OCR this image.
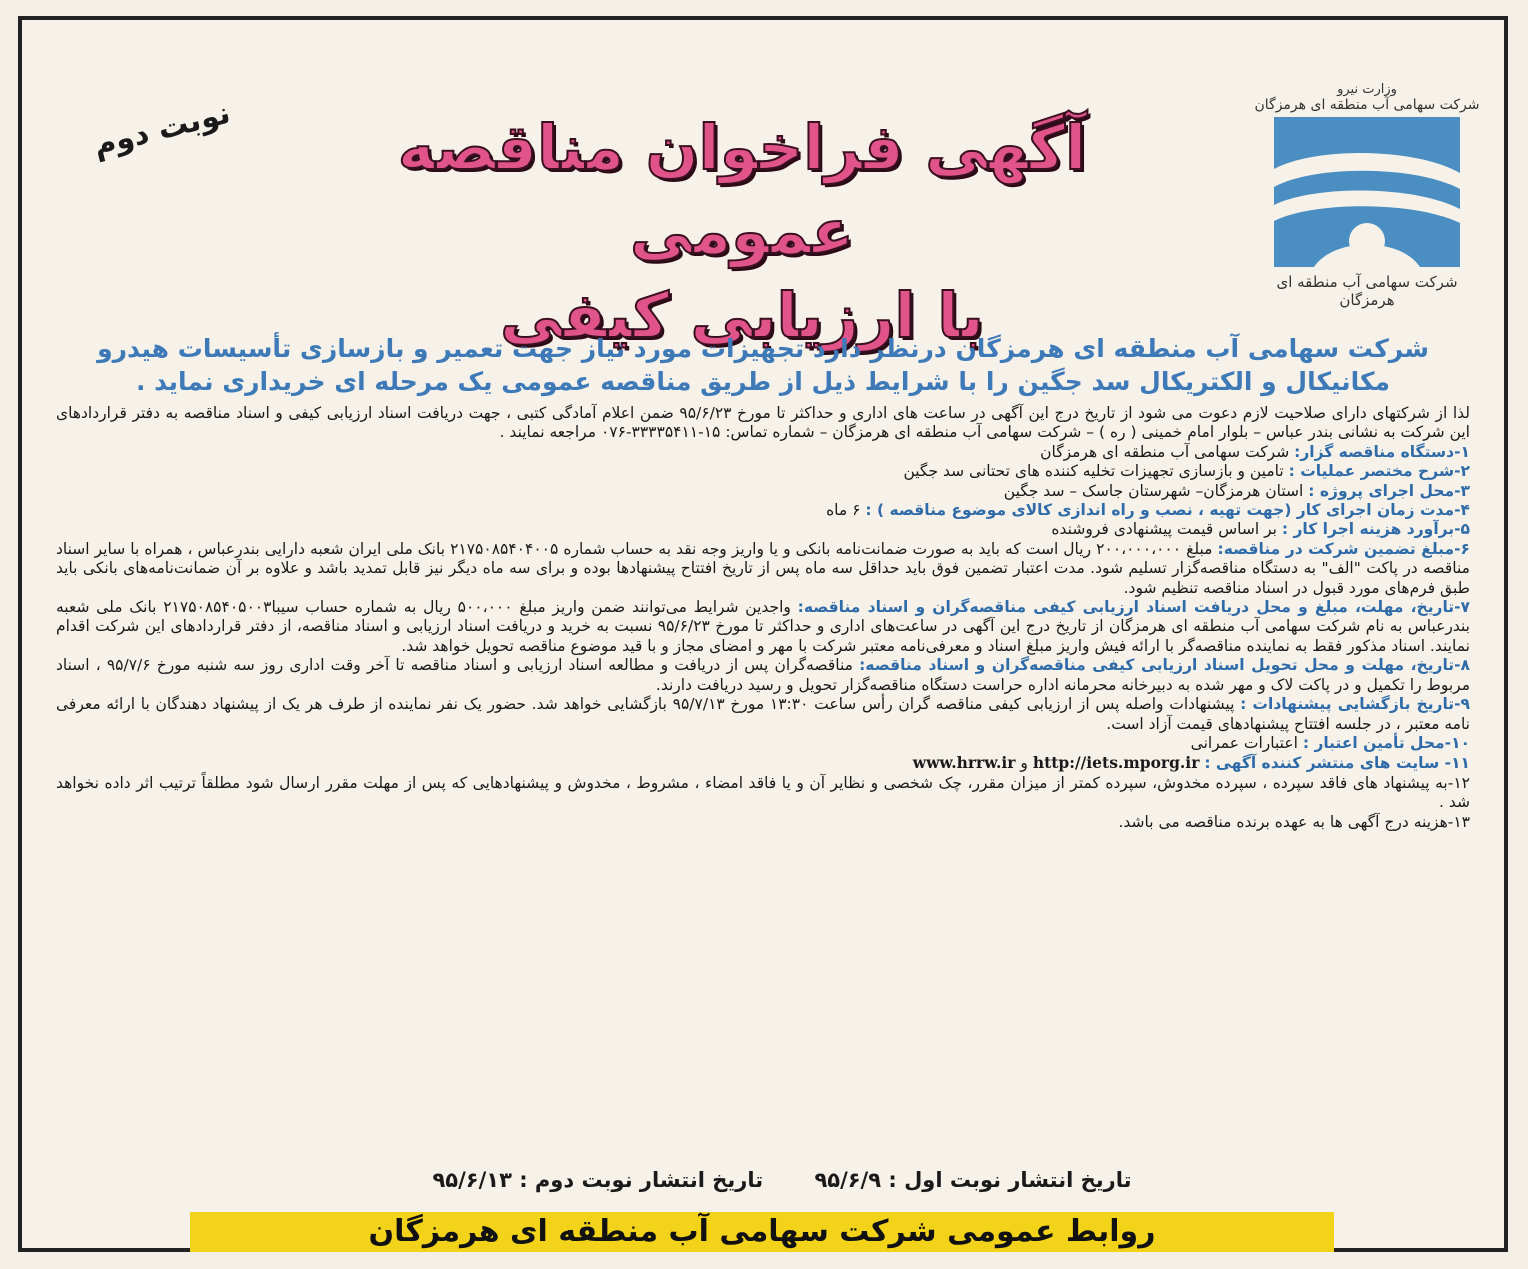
وزارت نیرو
شرکت سهامی آب منطقه ای هرمزگان
شرکت سهامی آب منطقه ای هرمزگان
نوبت دوم	آگهی فراخوان مناقصه عمومی
با ارزیابی کیفی
شرکت سهامی آب منطقه ای هرمزگان درنظر دارد تجهیزات مورد نیاز جهت تعمیر و بازسازی تأسیسات هیدرو مکانیکال و الکتریکال سد جگین را با شرایط ذیل از طریق مناقصه عمومی یک مرحله ای خریداری نماید .

لذا از شرکتهای دارای صلاحیت لازم دعوت می شود از تاریخ درج این آگهی در ساعت های اداری و حداکثر تا مورخ ۹۵/۶/۲۳ ضمن اعلام آمادگی کتبی ، جهت دریافت اسناد ارزیابی کیفی و اسناد مناقصه به دفتر قراردادهای این شرکت به نشانی بندر عباس – بلوار امام خمینی ( ره ) – شرکت سهامی آب منطقه ای هرمزگان – شماره تماس: ۱۵-۳۳۳۳۵۴۱۱-۰۷۶ مراجعه نمایند .

۱-دستگاه مناقصه گزار: شرکت سهامی آب منطقه ای هرمزگان

۲-شرح مختصر عملیات : تامین و بازسازی تجهیزات تخلیه کننده های تحتانی سد جگین

۳-محل اجرای پروژه : استان هرمزگان– شهرستان جاسک – سد جگین

۴-مدت زمان اجرای کار (جهت تهیه ، نصب و راه اندازی کالای موضوع مناقصه ) : ۶ ماه

۵-برآورد هزینه اجرا کار : بر اساس قیمت پیشنهادی فروشنده

۶-مبلغ تضمین شرکت در مناقصه: مبلغ ۲۰۰،۰۰۰،۰۰۰ ریال است که باید به صورت ضمانت‌نامه بانکی و یا واریز وجه نقد به حساب شماره ۲۱۷۵۰۸۵۴۰۴۰۰۵ بانک ملی ایران شعبه دارایی بندرعباس ، همراه با سایر اسناد مناقصه در پاکت "الف" به دستگاه مناقصه‌گزار تسلیم شود. مدت اعتبار تضمین فوق باید حداقل سه ماه پس از تاریخ افتتاح پیشنهادها بوده و برای سه ماه دیگر نیز قابل تمدید باشد و علاوه بر آن ضمانت‌نامه‌های بانکی باید طبق فرم‌های مورد قبول در اسناد مناقصه تنظیم شود.

۷-تاریخ، مهلت، مبلغ و محل دریافت اسناد ارزیابی کیفی مناقصه‌گران و اسناد مناقصه: واجدین شرایط می‌توانند ضمن واریز مبلغ ۵۰۰،۰۰۰ ریال به شماره حساب سیبا۲۱۷۵۰۸۵۴۰۵۰۰۳ بانک ملی شعبه بندرعباس به نام شرکت سهامی آب منطقه ای هرمزگان از تاریخ درج این آگهی در ساعت‌های اداری و حداکثر تا مورخ ۹۵/۶/۲۳ نسبت به خرید و دریافت اسناد ارزیابی و اسناد مناقصه، از دفتر قراردادهای این شرکت اقدام نمایند. اسناد مذکور فقط به نماینده مناقصه‌گر با ارائه فیش واریز مبلغ اسناد و معرفی‌نامه معتبر شرکت با مهر و امضای مجاز و با قید موضوع مناقصه تحویل خواهد شد.

۸-تاریخ، مهلت و محل تحویل اسناد ارزیابی کیفی مناقصه‌گران و اسناد مناقصه: مناقصه‌گران پس از دریافت و مطالعه اسناد ارزیابی و اسناد مناقصه تا آخر وقت اداری روز سه شنبه مورخ ۹۵/۷/۶ ، اسناد مربوط را تکمیل و در پاکت لاک و مهر شده به دبیرخانه محرمانه اداره حراست دستگاه مناقصه‌گزار تحویل و رسید دریافت دارند.

۹-تاریخ بازگشایی پیشنهادات : پیشنهادات واصله پس از ارزیابی کیفی مناقصه گران رأس ساعت ۱۳:۳۰ مورخ ۹۵/۷/۱۳ بازگشایی خواهد شد. حضور یک نفر نماینده از طرف هر یک از پیشنهاد دهندگان با ارائه معرفی نامه معتبر ، در جلسه افتتاح پیشنهادهای قیمت آزاد است.

۱۰-محل تأمین اعتبار : اعتبارات عمرانی

۱۱- سایت های منتشر کننده آگهی : http://iets.mporg.ir و www.hrrw.ir

۱۲-به پیشنهاد های فاقد سپرده ، سپرده مخدوش، سپرده کمتر از میزان مقرر، چک شخصی و نظایر آن و یا فاقد امضاء ، مشروط ، مخدوش و پیشنهادهایی که پس از مهلت مقرر ارسال شود مطلقاً ترتیب اثر داده نخواهد شد .

۱۳-هزینه درج آگهی ها به عهده برنده مناقصه می باشد.

تاریخ انتشار نوبت اول : ۹۵/۶/۹ تاریخ انتشار نوبت دوم : ۹۵/۶/۱۳
روابط عمومی شرکت سهامی آب منطقه ای هرمزگان
